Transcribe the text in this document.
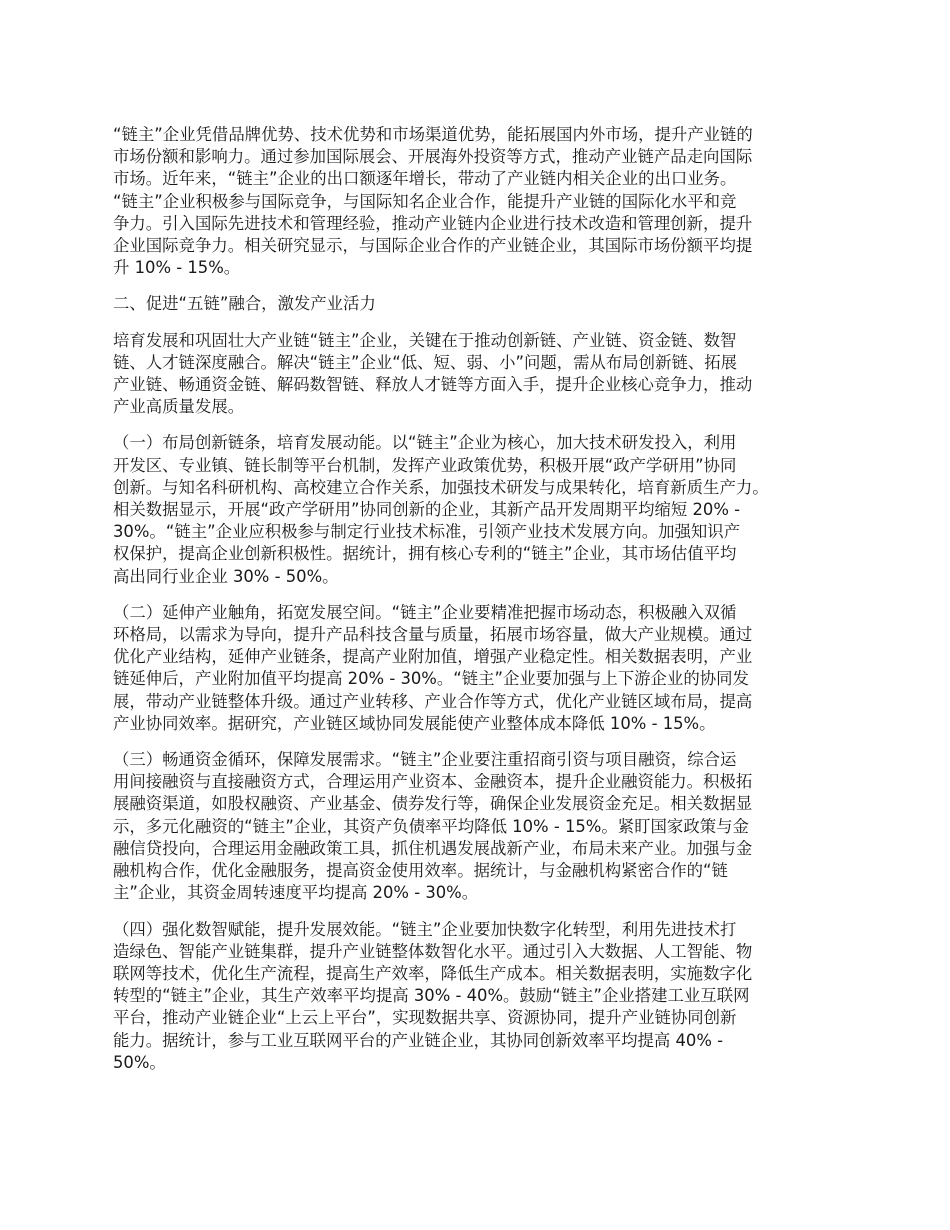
“链主”企业凭借品牌优势、技术优势和市场渠道优势，能拓展国内外市场，提升产业链的
市场份额和影响力。通过参加国际展会、开展海外投资等方式，推动产业链产品走向国际
市场。近年来，“链主”企业的出口额逐年增长，带动了产业链内相关企业的出口业务。
“链主”企业积极参与国际竞争，与国际知名企业合作，能提升产业链的国际化水平和竞
争力。引入国际先进技术和管理经验，推动产业链内企业进行技术改造和管理创新，提升
企业国际竞争力。相关研究显示，与国际企业合作的产业链企业，其国际市场份额平均提
升 10% - 15%。
二、促进“五链”融合，激发产业活力
培育发展和巩固壮大产业链“链主”企业，关键在于推动创新链、产业链、资金链、数智
链、人才链深度融合。解决“链主”企业“低、短、弱、小”问题，需从布局创新链、拓展
产业链、畅通资金链、解码数智链、释放人才链等方面入手，提升企业核心竞争力，推动
产业高质量发展。
（一）布局创新链条，培育发展动能。以“链主”企业为核心，加大技术研发投入，利用
开发区、专业镇、链长制等平台机制，发挥产业政策优势，积极开展“政产学研用”协同
创新。与知名科研机构、高校建立合作关系，加强技术研发与成果转化，培育新质生产力。
相关数据显示，开展“政产学研用”协同创新的企业，其新产品开发周期平均缩短 20% -
30%。“链主”企业应积极参与制定行业技术标准，引领产业技术发展方向。加强知识产
权保护，提高企业创新积极性。据统计，拥有核心专利的“链主”企业，其市场估值平均
高出同行业企业 30% - 50%。
（二）延伸产业触角，拓宽发展空间。“链主”企业要精准把握市场动态，积极融入双循
环格局，以需求为导向，提升产品科技含量与质量，拓展市场容量，做大产业规模。通过
优化产业结构，延伸产业链条，提高产业附加值，增强产业稳定性。相关数据表明，产业
链延伸后，产业附加值平均提高 20% - 30%。“链主”企业要加强与上下游企业的协同发
展，带动产业链整体升级。通过产业转移、产业合作等方式，优化产业链区域布局，提高
产业协同效率。据研究，产业链区域协同发展能使产业整体成本降低 10% - 15%。
（三）畅通资金循环，保障发展需求。“链主”企业要注重招商引资与项目融资，综合运
用间接融资与直接融资方式，合理运用产业资本、金融资本，提升企业融资能力。积极拓
展融资渠道，如股权融资、产业基金、债券发行等，确保企业发展资金充足。相关数据显
示，多元化融资的“链主”企业，其资产负债率平均降低 10% - 15%。紧盯国家政策与金
融信贷投向，合理运用金融政策工具，抓住机遇发展战新产业，布局未来产业。加强与金
融机构合作，优化金融服务，提高资金使用效率。据统计，与金融机构紧密合作的“链
主”企业，其资金周转速度平均提高 20% - 30%。
（四）强化数智赋能，提升发展效能。“链主”企业要加快数字化转型，利用先进技术打
造绿色、智能产业链集群，提升产业链整体数智化水平。通过引入大数据、人工智能、物
联网等技术，优化生产流程，提高生产效率，降低生产成本。相关数据表明，实施数字化
转型的“链主”企业，其生产效率平均提高 30% - 40%。鼓励“链主”企业搭建工业互联网
平台，推动产业链企业“上云上平台”，实现数据共享、资源协同，提升产业链协同创新
能力。据统计，参与工业互联网平台的产业链企业，其协同创新效率平均提高 40% -
50%。
